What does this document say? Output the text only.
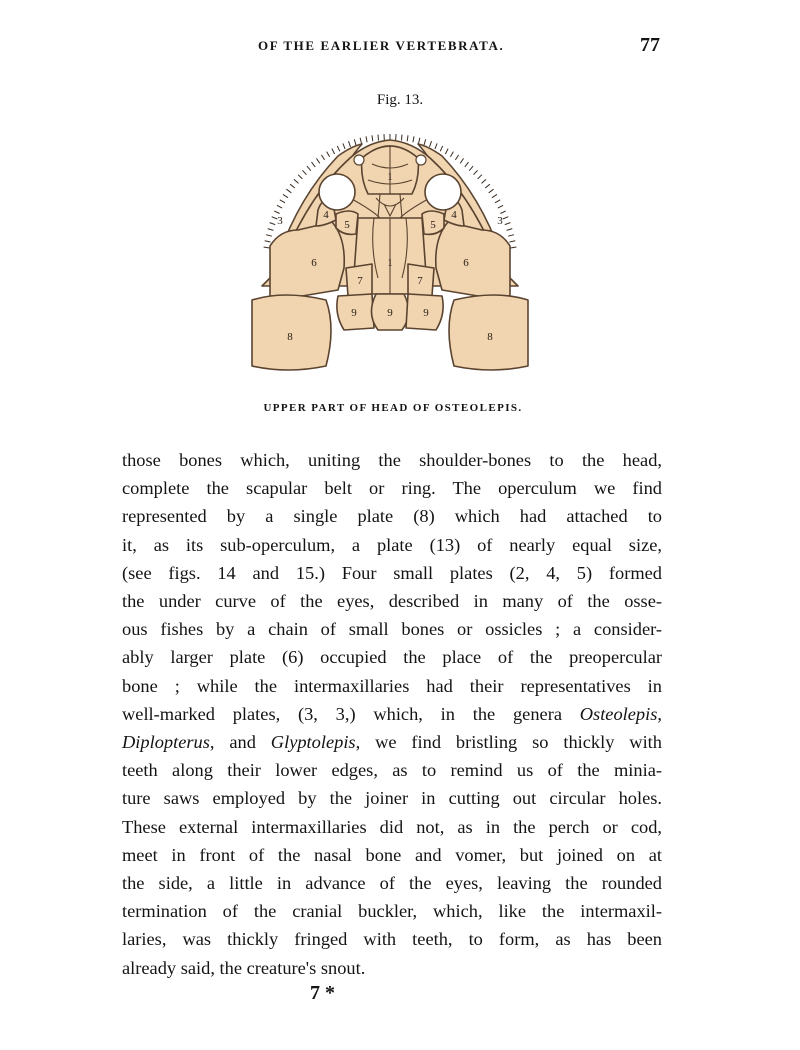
OF THE EARLIER VERTEBRATA.	77
Fig. 13.
1
1
3	3
4	4
5	5
6	6
7	7
8	8
9	9	9
UPPER PART OF HEAD OF OSTEOLEPIS.
those bones which, uniting the shoulder-bones to the head,
complete the scapular belt or ring. The operculum we find
represented by a single plate (8) which had attached to
it, as its sub-operculum, a plate (13) of nearly equal size,
(see figs. 14 and 15.) Four small plates (2, 4, 5) formed
the under curve of the eyes, described in many of the osse-
ous fishes by a chain of small bones or ossicles ; a consider-
ably larger plate (6) occupied the place of the preopercular
bone ; while the intermaxillaries had their representatives in
well-marked plates, (3, 3,) which, in the genera Osteolepis,
Diplopterus, and Glyptolepis, we find bristling so thickly with
teeth along their lower edges, as to remind us of the minia-
ture saws employed by the joiner in cutting out circular holes.
These external intermaxillaries did not, as in the perch or cod,
meet in front of the nasal bone and vomer, but joined on at
the side, a little in advance of the eyes, leaving the rounded
termination of the cranial buckler, which, like the intermaxil-
laries, was thickly fringed with teeth, to form, as has been
already said, the creature's snout.
7 *
